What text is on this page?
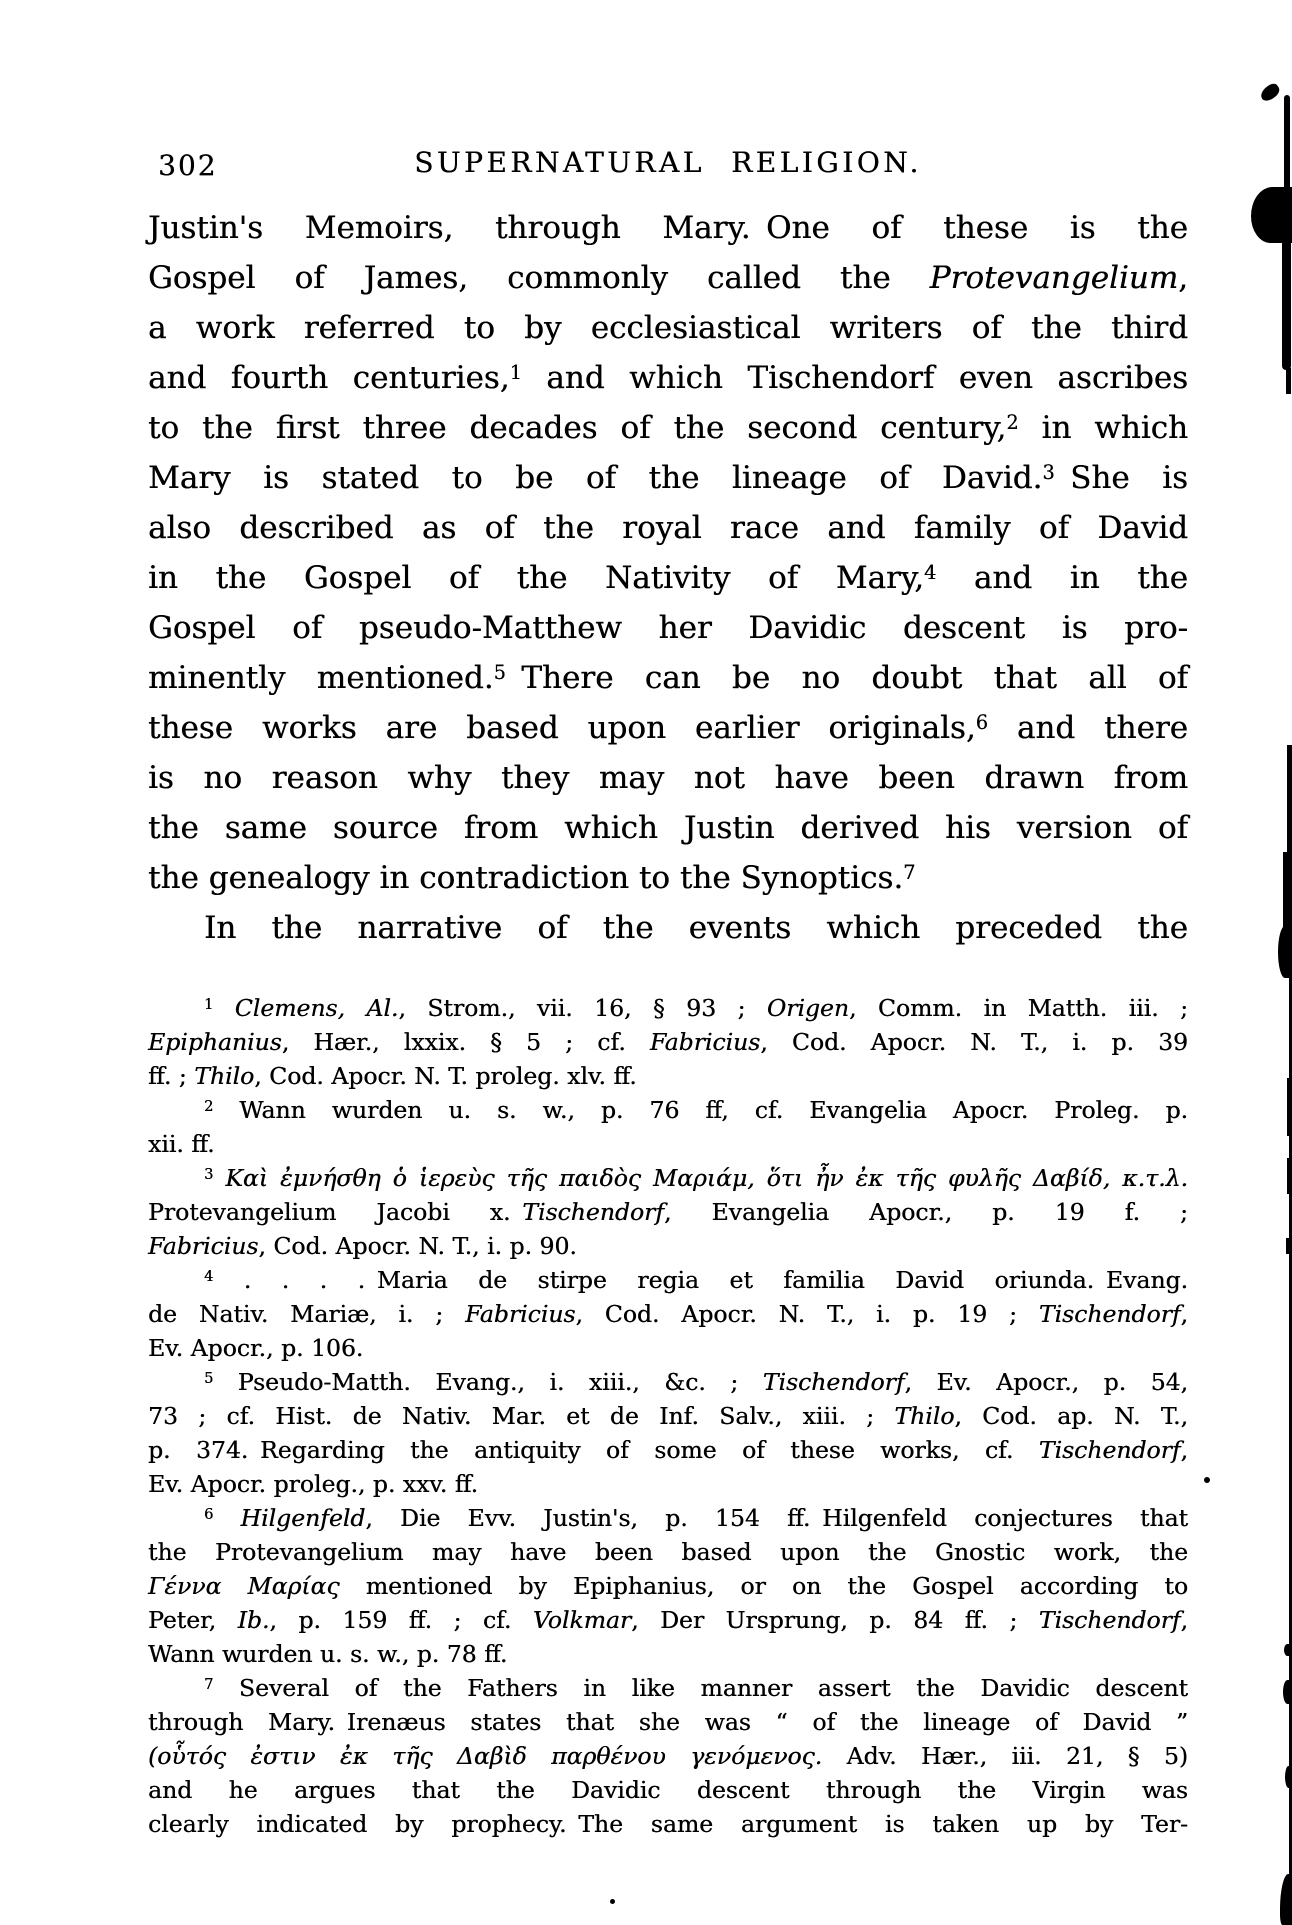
302	SUPERNATURAL RELIGION.
Justin's Memoirs, through Mary. One of these is the
Gospel of James, commonly called the Protevangelium,
a work referred to by ecclesiastical writers of the third
and fourth centuries,$^1$ and which Tischendorf even ascribes
to the first three decades of the second century,$^2$ in which
Mary is stated to be of the lineage of David.$^3$ She is
also described as of the royal race and family of David
in the Gospel of the Nativity of Mary,$^4$ and in the
Gospel of pseudo-Matthew her Davidic descent is pro-
minently mentioned.$^5$ There can be no doubt that all of
these works are based upon earlier originals,$^6$ and there
is no reason why they may not have been drawn from
the same source from which Justin derived his version of
the genealogy in contradiction to the Synoptics.$^7$
In the narrative of the events which preceded the
$^1$ Clemens, Al., Strom., vii. 16, § 93 ; Origen, Comm. in Matth. iii. ;
Epiphanius, Hær., lxxix. § 5 ; cf. Fabricius, Cod. Apocr. N. T., i. p. 39
ff. ; Thilo, Cod. Apocr. N. T. proleg. xlv. ff.
$^2$ Wann wurden u. s. w., p. 76 ff, cf. Evangelia Apocr. Proleg. p.
xii. ff.
$^3$ Καὶ ἐμνήσθη ὁ ἱερεὺς τῆς παιδὸς Μαριάμ, ὅτι ἦν ἐκ τῆς φυλῆς Δαβίδ, κ.τ.λ.
Protevangelium Jacobi x. Tischendorf, Evangelia Apocr., p. 19 f. ;
Fabricius, Cod. Apocr. N. T., i. p. 90.
$^4$ . . . . Maria de stirpe regia et familia David oriunda. Evang.
de Nativ. Mariæ, i. ; Fabricius, Cod. Apocr. N. T., i. p. 19 ; Tischendorf,
Ev. Apocr., p. 106.
$^5$ Pseudo-Matth. Evang., i. xiii., &c. ; Tischendorf, Ev. Apocr., p. 54,
73 ; cf. Hist. de Nativ. Mar. et de Inf. Salv., xiii. ; Thilo, Cod. ap. N. T.,
p. 374. Regarding the antiquity of some of these works, cf. Tischendorf,
Ev. Apocr. proleg., p. xxv. ff.
$^6$ Hilgenfeld, Die Evv. Justin's, p. 154 ff. Hilgenfeld conjectures that
the Protevangelium may have been based upon the Gnostic work, the
Γέννα Μαρίας mentioned by Epiphanius, or on the Gospel according to
Peter, Ib., p. 159 ff. ; cf. Volkmar, Der Ursprung, p. 84 ff. ; Tischendorf,
Wann wurden u. s. w., p. 78 ff.
$^7$ Several of the Fathers in like manner assert the Davidic descent
through Mary. Irenæus states that she was “ of the lineage of David ”
(οὗτός ἐστιν ἐκ τῆς Δαβὶδ παρθένου γενόμενος. Adv. Hær., iii. 21, § 5)
and he argues that the Davidic descent through the Virgin was
clearly indicated by prophecy. The same argument is taken up by Ter-
